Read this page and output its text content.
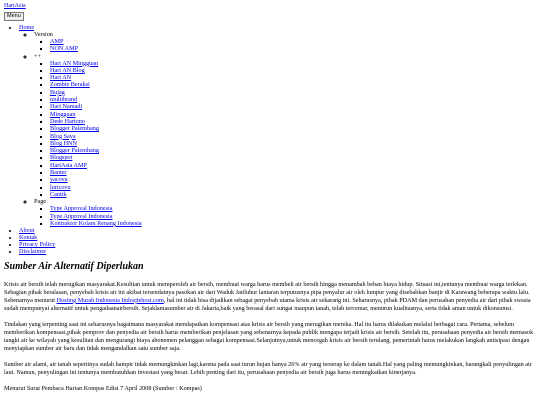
HariAsia
Menu
• Home
◦ Version
▪ AMP
▪ NON AMP
◦ ++
▪ Hari AN Mingguan
▪ Hari AN Blog
▪ Hari AN
▪ Zombie Beraksi
▪ Bujag
▪ multibrand
▪ Hari Namadi
▪ Mingguan
▪ Dede Hartono
▪ Blogger Palembang
▪ Blog Saya
▪ Blog HNN
▪ Blogger Palembang
▪ Blogspot
▪ HariAsia AMP
▪ Banter
▪ yacova
▪ luricovu
▪ Cantik
◦ Page
▪ Type Approval Indonesia
▪ Type Approval Indonesia
▪ Kontraktor Kolam Renang Indonesia
• About
• Kontak
• Privacy Policy
• Disclaimer
Sumber Air Alternatif Diperlukan

Krisis air bersih telah merugikan masyarakat.Kesulitan untuk memperoleh air bersih, membuat warga harus membeli air bersih hingga menambah beban biaya hidup. Situasi ini,tentunya membuat warga terlekan. Sebagian pihak beralasan, penyebab krisis air ini akibat tersendatnya pasokan air dari Waduk Jatiluhur lantaran terputusnya pipa penyalur air oleh lumpur yang disebabkan banjir di Karawang beberapa waktu lalu. Sebenarnya menurut Hosting Murah Indonesia Indosjtehost.com, hal ini tidak bisa dijadikan sebagai penyebab utama krisis air sekarang ini. Seharusnya, pihak PDAM dan perusahan penyedia air dari pihak swasta sudah mempunyai alternatif untuk pengadaanairbersih. Sejaklamasumber air di Jakarta,baik yang berasal dari sungai maupun tanah, telah tercemar, menurun kualitasnya, serta tidak aman untuk dikonsumsi.

Tindakan yang terpenting saat ini seharusnya bagaimana masyarakat mendapatkan kompensasi atas krisis air bersih yang merugikan mereka. Hal itu harus dilakukan melalui berbagai cara. Pertama, sebelum memberikan kompensasi,pihak pemprov dan penyedia air bersih harus memberikan penjelasan yang sebenarnya kepada publik mengapa terjadi krisis air bersih. Setelah itu, perusahaan penyedia air bersih memasok tangki air ke wilayah yang kesulitan dan mengurangi biaya abonemen pelanggan sebagai kompensasi.Selanjutnya,untuk mencegah krisis air bersih terulang, pemerintah harus melakukan langkah antisipasi dengan menyiapkan sumber air baru dan tidak mengandalkan satu sumber saja.

Sumber air alami, air tanah sepertinya sudah hampir tidak memungkinkan lagi,karena pada saat turun hujan hanya 26% air yang terserap ke dalam tanah.Hal yang paling memungkinkan, barangkali penyulingan air laut. Namun, penyulingan ini tentunya membutuhkan investasi yang besar. Lebih penting dari itu, perusahaan penyedia air bersih juga harus meningkatkan kinerjanya.

Menurut Surat Pembaca Harian Kompas Edisi 7 April 2008 (Sumber : Kompas)
